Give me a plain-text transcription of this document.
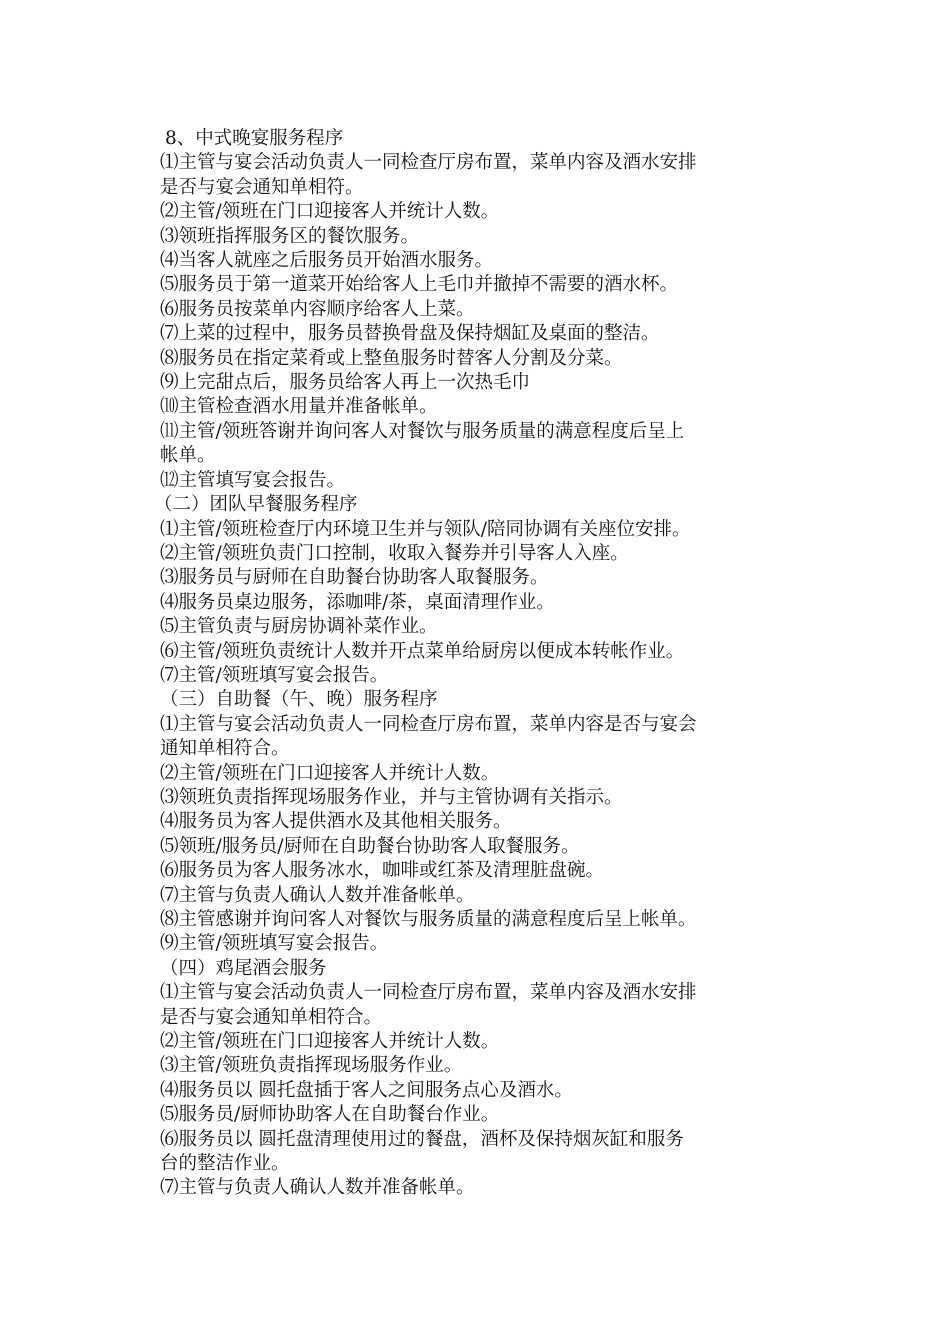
8、中式晚宴服务程序

⑴主管与宴会活动负责人一同检查厅房布置，菜单内容及酒水安排

是否与宴会通知单相符。

⑵主管/领班在门口迎接客人并统计人数。

⑶领班指挥服务区的餐饮服务。

⑷当客人就座之后服务员开始酒水服务。

⑸服务员于第一道菜开始给客人上毛巾并撤掉不需要的酒水杯。

⑹服务员按菜单内容顺序给客人上菜。

⑺上菜的过程中，服务员替换骨盘及保持烟缸及桌面的整洁。

⑻服务员在指定菜肴或上整鱼服务时替客人分割及分菜。

⑼上完甜点后，服务员给客人再上一次热毛巾

⑽主管检查酒水用量并准备帐单。

⑾主管/领班答谢并询问客人对餐饮与服务质量的满意程度后呈上

帐单。

⑿主管填写宴会报告。

（二）团队早餐服务程序

⑴主管/领班检查厅内环境卫生并与领队/陪同协调有关座位安排。

⑵主管/领班负责门口控制，收取入餐券并引导客人入座。

⑶服务员与厨师在自助餐台协助客人取餐服务。

⑷服务员桌边服务，添咖啡/茶，桌面清理作业。

⑸主管负责与厨房协调补菜作业。

⑹主管/领班负责统计人数并开点菜单给厨房以便成本转帐作业。

⑺主管/领班填写宴会报告。

（三）自助餐（午、晚）服务程序

⑴主管与宴会活动负责人一同检查厅房布置，菜单内容是否与宴会

通知单相符合。

⑵主管/领班在门口迎接客人并统计人数。

⑶领班负责指挥现场服务作业，并与主管协调有关指示。

⑷服务员为客人提供酒水及其他相关服务。

⑸领班/服务员/厨师在自助餐台协助客人取餐服务。

⑹服务员为客人服务冰水，咖啡或红茶及清理脏盘碗。

⑺主管与负责人确认人数并准备帐单。

⑻主管感谢并询问客人对餐饮与服务质量的满意程度后呈上帐单。

⑼主管/领班填写宴会报告。

（四）鸡尾酒会服务

⑴主管与宴会活动负责人一同检查厅房布置，菜单内容及酒水安排

是否与宴会通知单相符合。

⑵主管/领班在门口迎接客人并统计人数。

⑶主管/领班负责指挥现场服务作业。

⑷服务员以 圆托盘插于客人之间服务点心及酒水。

⑸服务员/厨师协助客人在自助餐台作业。

⑹服务员以 圆托盘清理使用过的餐盘，酒杯及保持烟灰缸和服务

台的整洁作业。

⑺主管与负责人确认人数并准备帐单。
